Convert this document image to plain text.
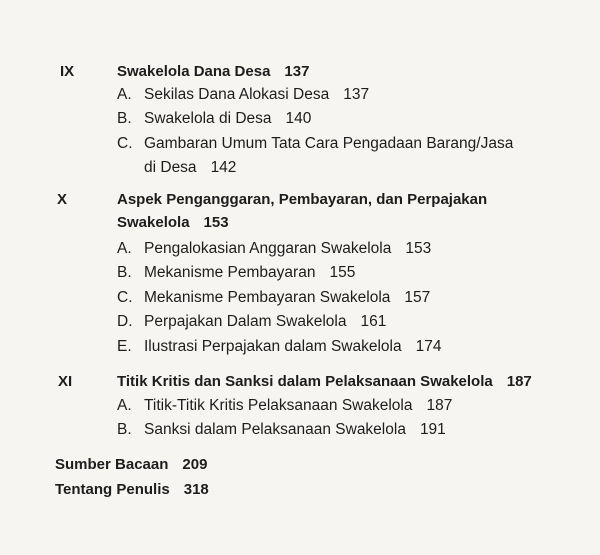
IX	Swakelola Dana Desa 137
A. Sekilas Dana Alokasi Desa 137
B. Swakelola di Desa 140
C. Gambaran Umum Tata Cara Pengadaan Barang/Jasa
di Desa 142
X	Aspek Penganggaran, Pembayaran, dan Perpajakan
Swakelola 153
A. Pengalokasian Anggaran Swakelola 153
B. Mekanisme Pembayaran 155
C. Mekanisme Pembayaran Swakelola 157
D. Perpajakan Dalam Swakelola 161
E. Ilustrasi Perpajakan dalam Swakelola 174
XI	Titik Kritis dan Sanksi dalam Pelaksanaan Swakelola 187
A. Titik-Titik Kritis Pelaksanaan Swakelola 187
B. Sanksi dalam Pelaksanaan Swakelola 191
Sumber Bacaan 209
Tentang Penulis 318
